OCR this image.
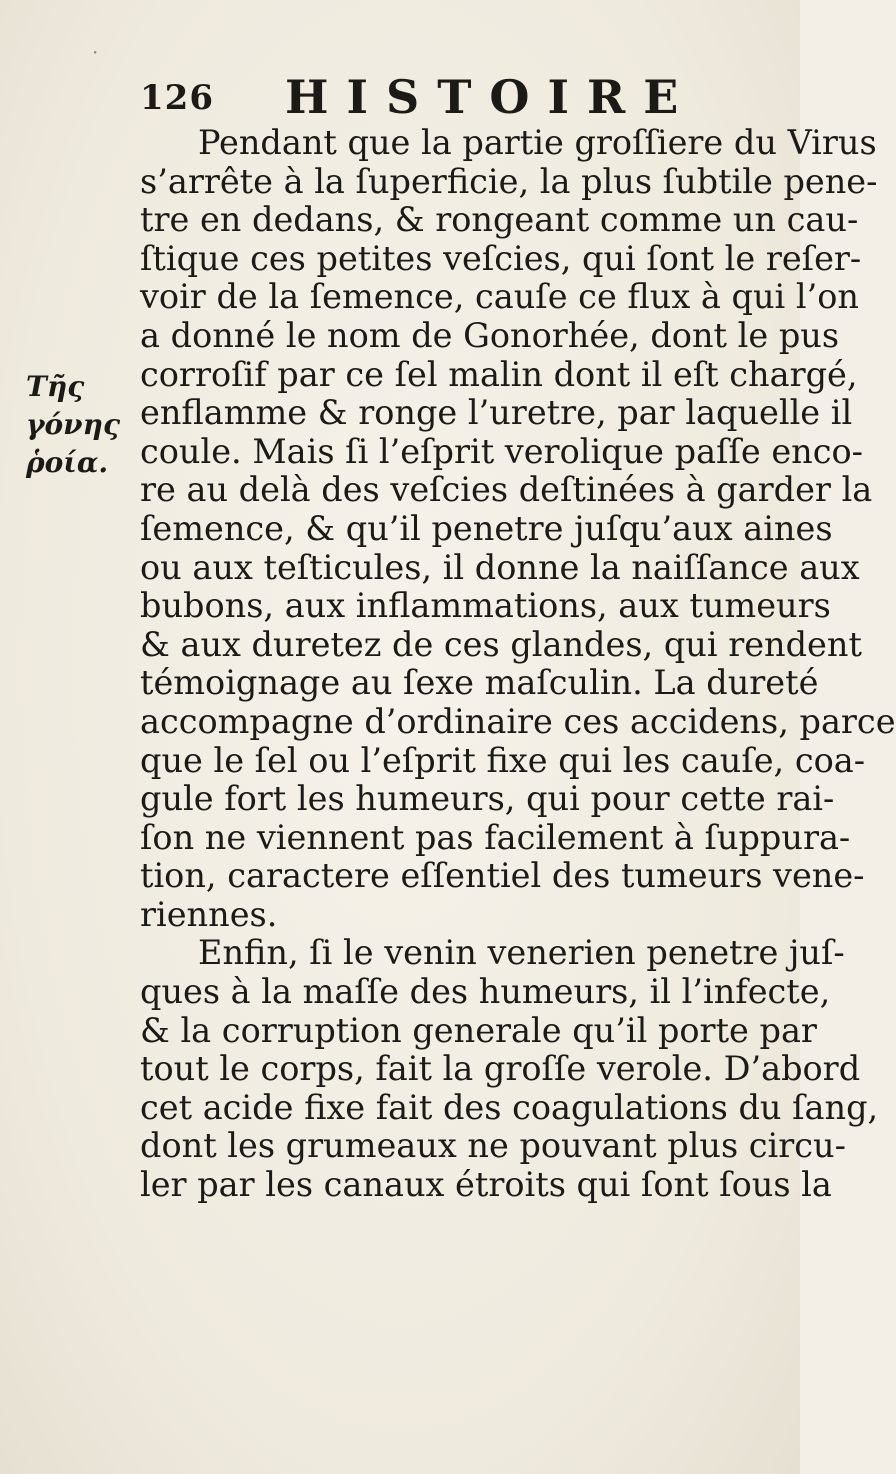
·
126 HISTOIRE
Τῆς
γόνης
ῥοία.
Pendant que la partie groſſiere du Virus
s’arrête à la ſuperficie, la plus ſubtile pene-
tre en dedans, & rongeant comme un cau-
ſtique ces petites veſcies, qui ſont le reſer-
voir de la ſemence, cauſe ce flux à qui l’on
a donné le nom de Gonorhée, dont le pus
corroſif par ce ſel malin dont il eſt chargé,
enflamme & ronge l’uretre, par laquelle il
coule. Mais ſi l’eſprit verolique paſſe enco-
re au delà des veſcies deſtinées à garder la
ſemence, & qu’il penetre juſqu’aux aines
ou aux teſticules, il donne la naiſſance aux
bubons, aux inflammations, aux tumeurs
& aux duretez de ces glandes, qui rendent
témoignage au ſexe maſculin. La dureté
accompagne d’ordinaire ces accidens, parce
que le ſel ou l’eſprit fixe qui les cauſe, coa-
gule fort les humeurs, qui pour cette rai-
ſon ne viennent pas facilement à ſuppura-
tion, caractere eſſentiel des tumeurs vene-
riennes.
Enfin, ſi le venin venerien penetre juſ-
ques à la maſſe des humeurs, il l’infecte,
& la corruption generale qu’il porte par
tout le corps, fait la groſſe verole. D’abord
cet acide fixe fait des coagulations du ſang,
dont les grumeaux ne pouvant plus circu-
ler par les canaux étroits qui ſont ſous la
